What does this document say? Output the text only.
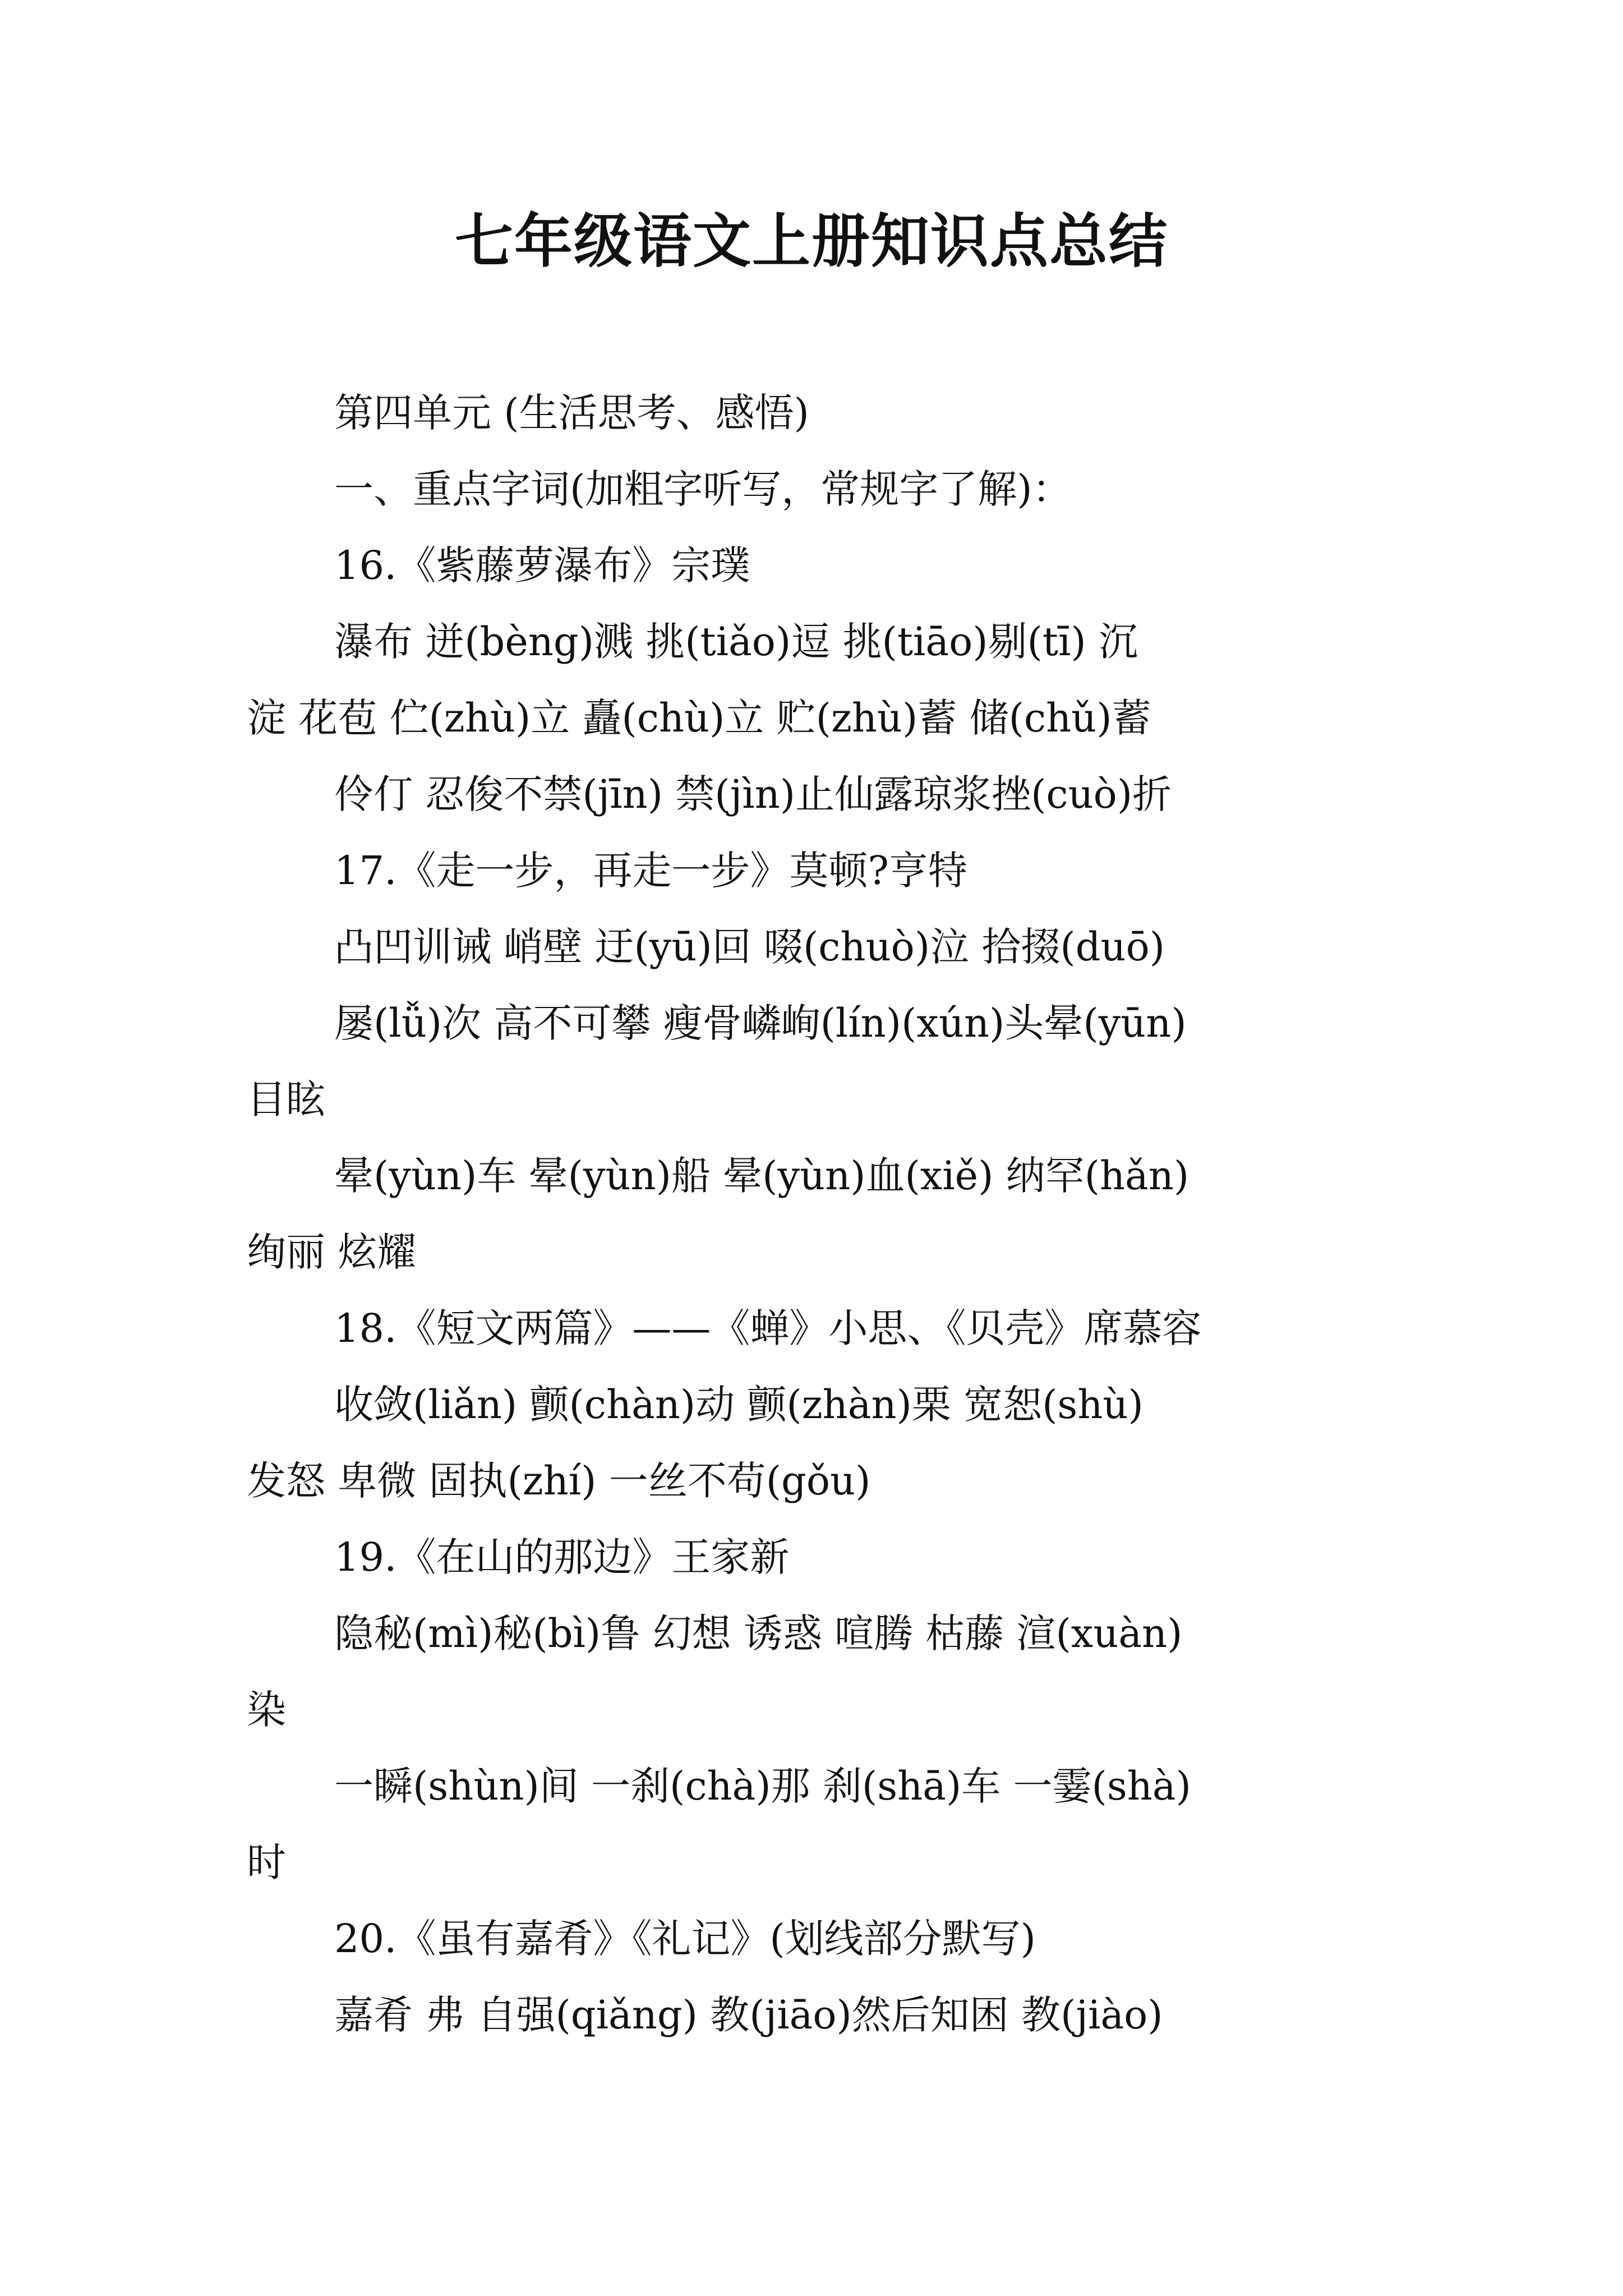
七年级语文上册知识点总结
第四单元 (生活思考、感悟)
一、重点字词(加粗字听写，常规字了解)：
16.《紫藤萝瀑布》宗璞
瀑布 迸(bèng)溅 挑(tiǎo)逗 挑(tiāo)剔(tī) 沉
淀 花苞 伫(zhù)立 矗(chù)立 贮(zhù)蓄 储(chǔ)蓄
伶仃 忍俊不禁(jīn) 禁(jìn)止仙露琼浆挫(cuò)折
17.《走一步，再走一步》莫顿?亨特
凸凹训诫 峭壁 迂(yū)回 啜(chuò)泣 拾掇(duō)
屡(lǚ)次 高不可攀 瘦骨嶙峋(lín)(xún)头晕(yūn)
目眩
晕(yùn)车 晕(yùn)船 晕(yùn)血(xiě) 纳罕(hǎn)
绚丽 炫耀
18.《短文两篇》——《蝉》小思、《贝壳》席慕容
收敛(liǎn) 颤(chàn)动 颤(zhàn)栗 宽恕(shù)
发怒 卑微 固执(zhí) 一丝不苟(gǒu)
19.《在山的那边》王家新
隐秘(mì)秘(bì)鲁 幻想 诱惑 喧腾 枯藤 渲(xuàn)
染
一瞬(shùn)间 一刹(chà)那 刹(shā)车 一霎(shà)
时
20.《虽有嘉肴》《礼记》(划线部分默写)
嘉肴 弗 自强(qiǎng) 教(jiāo)然后知困 教(jiào)
